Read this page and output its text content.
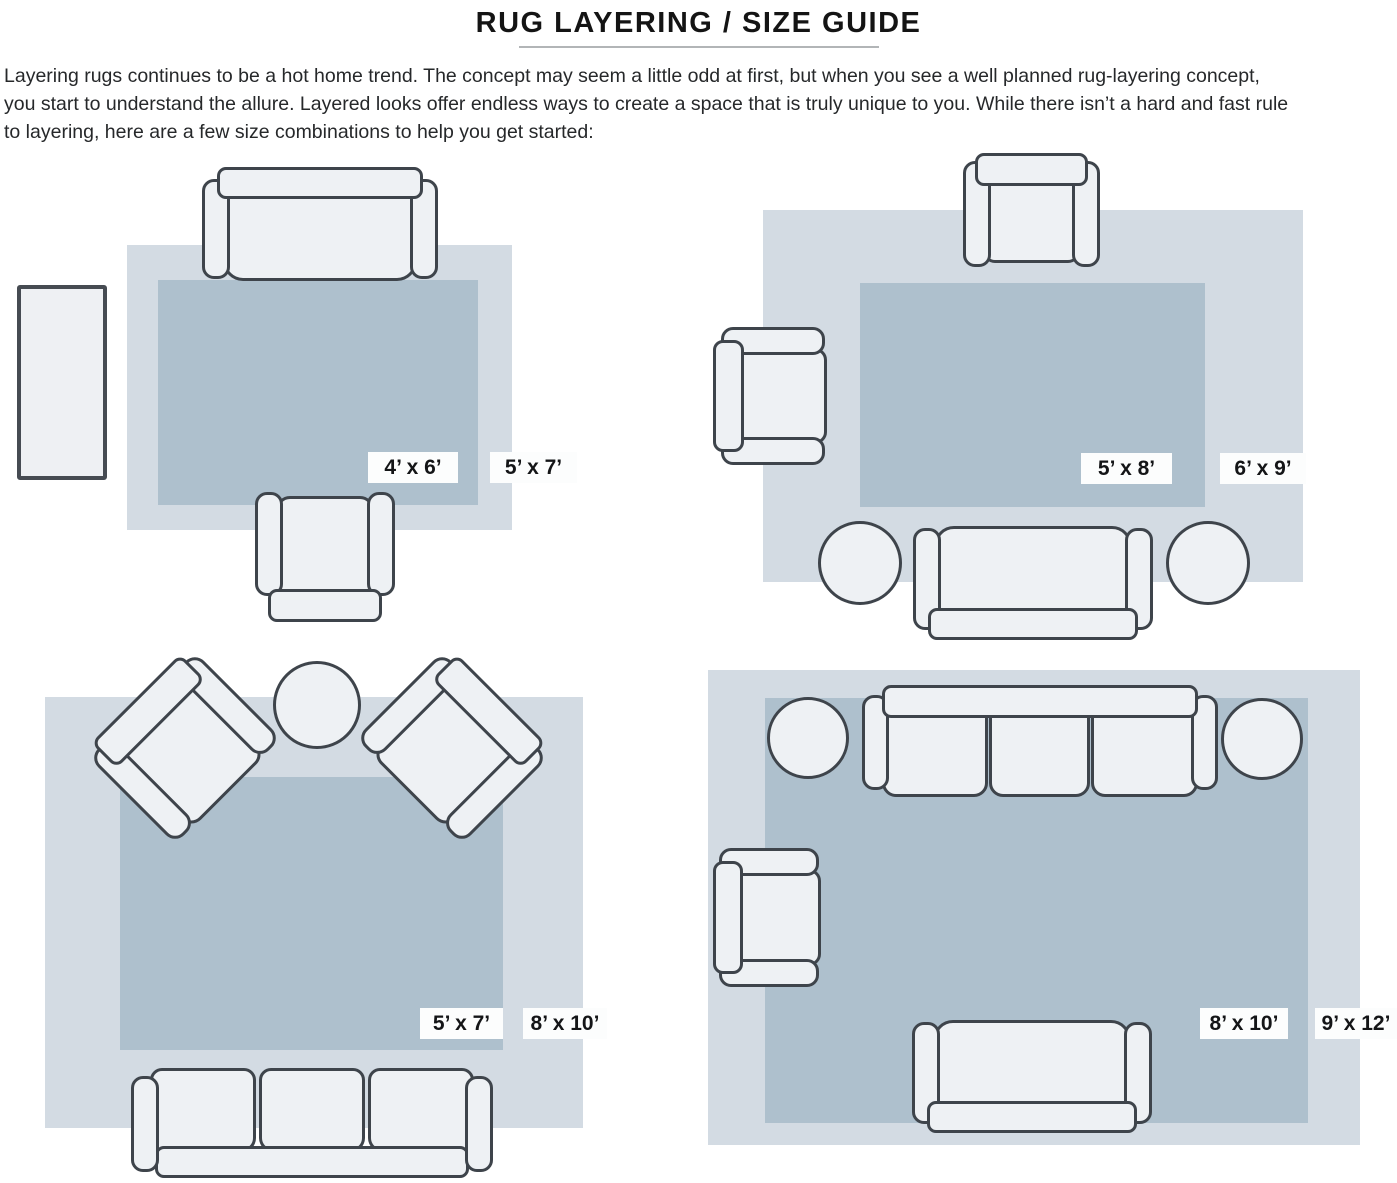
RUG LAYERING / SIZE GUIDE
Layering rugs continues to be a hot home trend. The concept may seem a little odd at first, but when you see a well planned rug-layering concept,
you start to understand the allure. Layered looks offer endless ways to create a space that is truly unique to you. While there isn’t a hard and fast rule
to layering, here are a few size combinations to help you get started:
4’ x 6’	5’ x 7’	5’ x 8’	6’ x 9’
5’ x 7’	8’ x 10’	8’ x 10’	9’ x 12’
